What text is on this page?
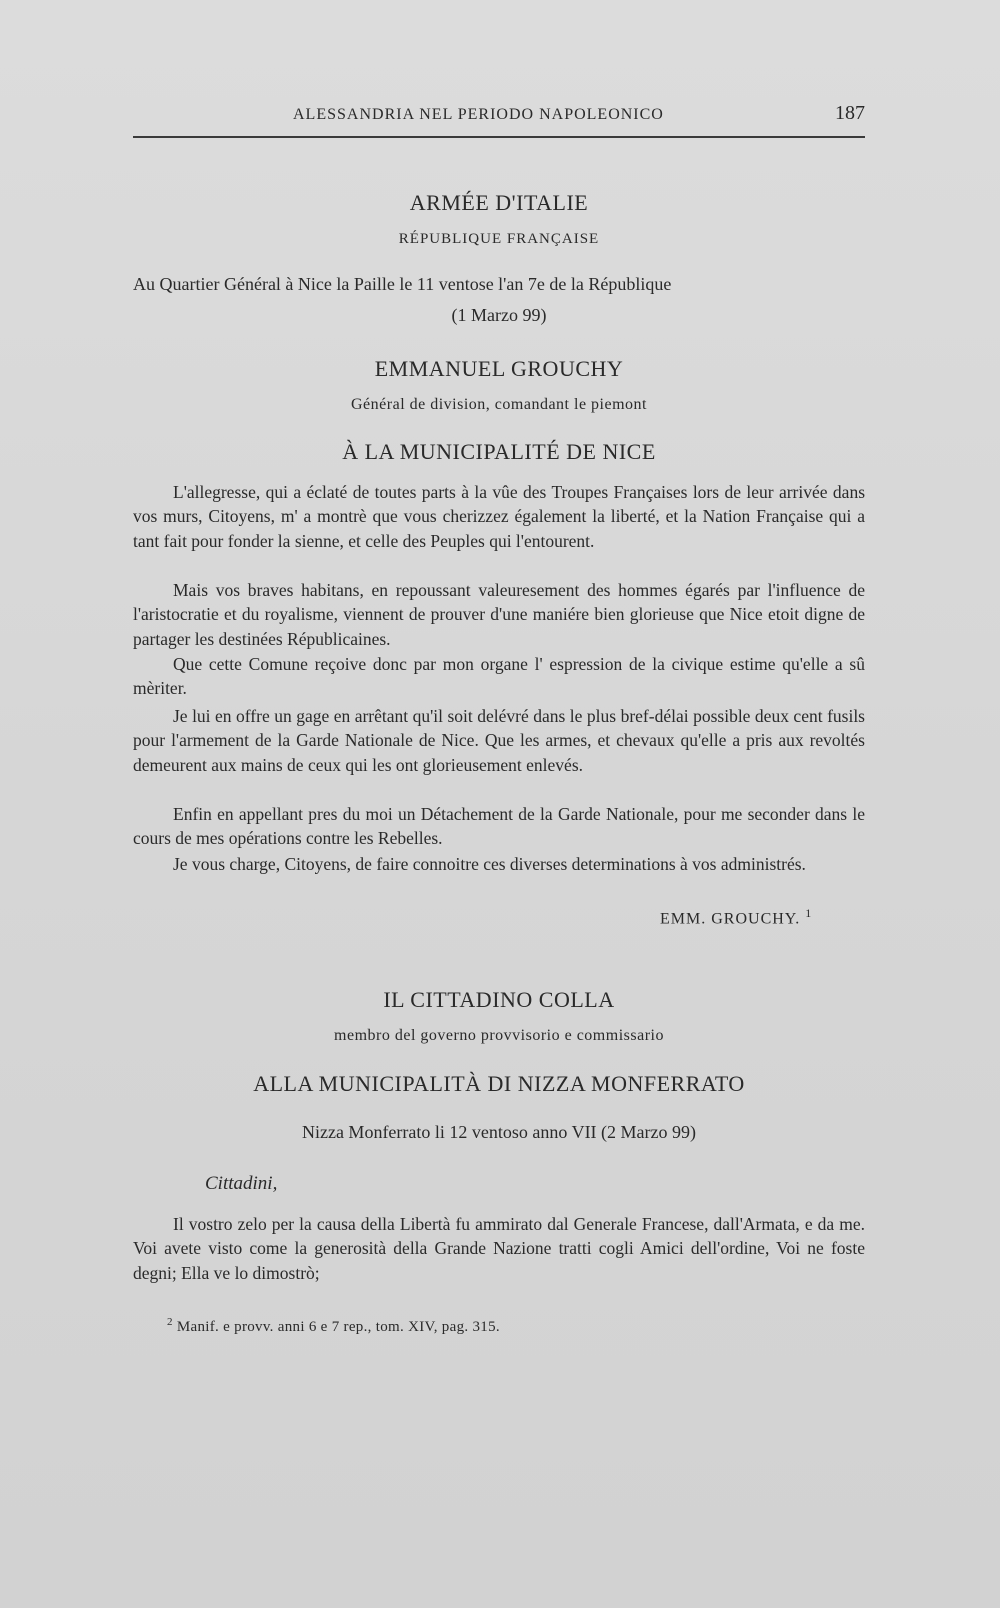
ALESSANDRIA NEL PERIODO NAPOLEONICO	187
ARMÉE D'ITALIE
RÉPUBLIQUE FRANÇAISE
Au Quartier Général à Nice la Paille le 11 ventose l'an 7e de la République
(1 Marzo 99)
EMMANUEL GROUCHY
Général de division, comandant le piemont
À LA MUNICIPALITÉ DE NICE
L'allegresse, qui a éclaté de toutes parts à la vûe des Troupes Françaises lors de leur arrivée dans vos murs, Citoyens, m' a montrè que vous cherizzez également la liberté, et la Nation Française qui a tant fait pour fonder la sienne, et celle des Peuples qui l'entourent.
Mais vos braves habitans, en repoussant valeuresement des hommes égarés par l'influence de l'aristocratie et du royalisme, viennent de prouver d'une maniére bien glorieuse que Nice etoit digne de partager les destinées Républicaines.
Que cette Comune reçoive donc par mon organe l' espression de la civique estime qu'elle a sû mèriter.
Je lui en offre un gage en arrêtant qu'il soit delévré dans le plus bref-délai possible deux cent fusils pour l'armement de la Garde Nationale de Nice. Que les armes, et chevaux qu'elle a pris aux revoltés demeurent aux mains de ceux qui les ont glorieusement enlevés.
Enfin en appellant pres du moi un Détachement de la Garde Nationale, pour me seconder dans le cours de mes opérations contre les Rebelles.
Je vous charge, Citoyens, de faire connoitre ces diverses determinations à vos administrés.
EMM. GROUCHY. $^1$
IL CITTADINO COLLA
membro del governo provvisorio e commissario
ALLA MUNICIPALITÀ DI NIZZA MONFERRATO
Nizza Monferrato li 12 ventoso anno VII (2 Marzo 99)
Cittadini,
Il vostro zelo per la causa della Libertà fu ammirato dal Generale Francese, dall'Armata, e da me. Voi avete visto come la generosità della Grande Nazione tratti cogli Amici dell'ordine, Voi ne foste degni; Ella ve lo dimostrò;
$^2$ Manif. e provv. anni 6 e 7 rep., tom. XIV, pag. 315.
